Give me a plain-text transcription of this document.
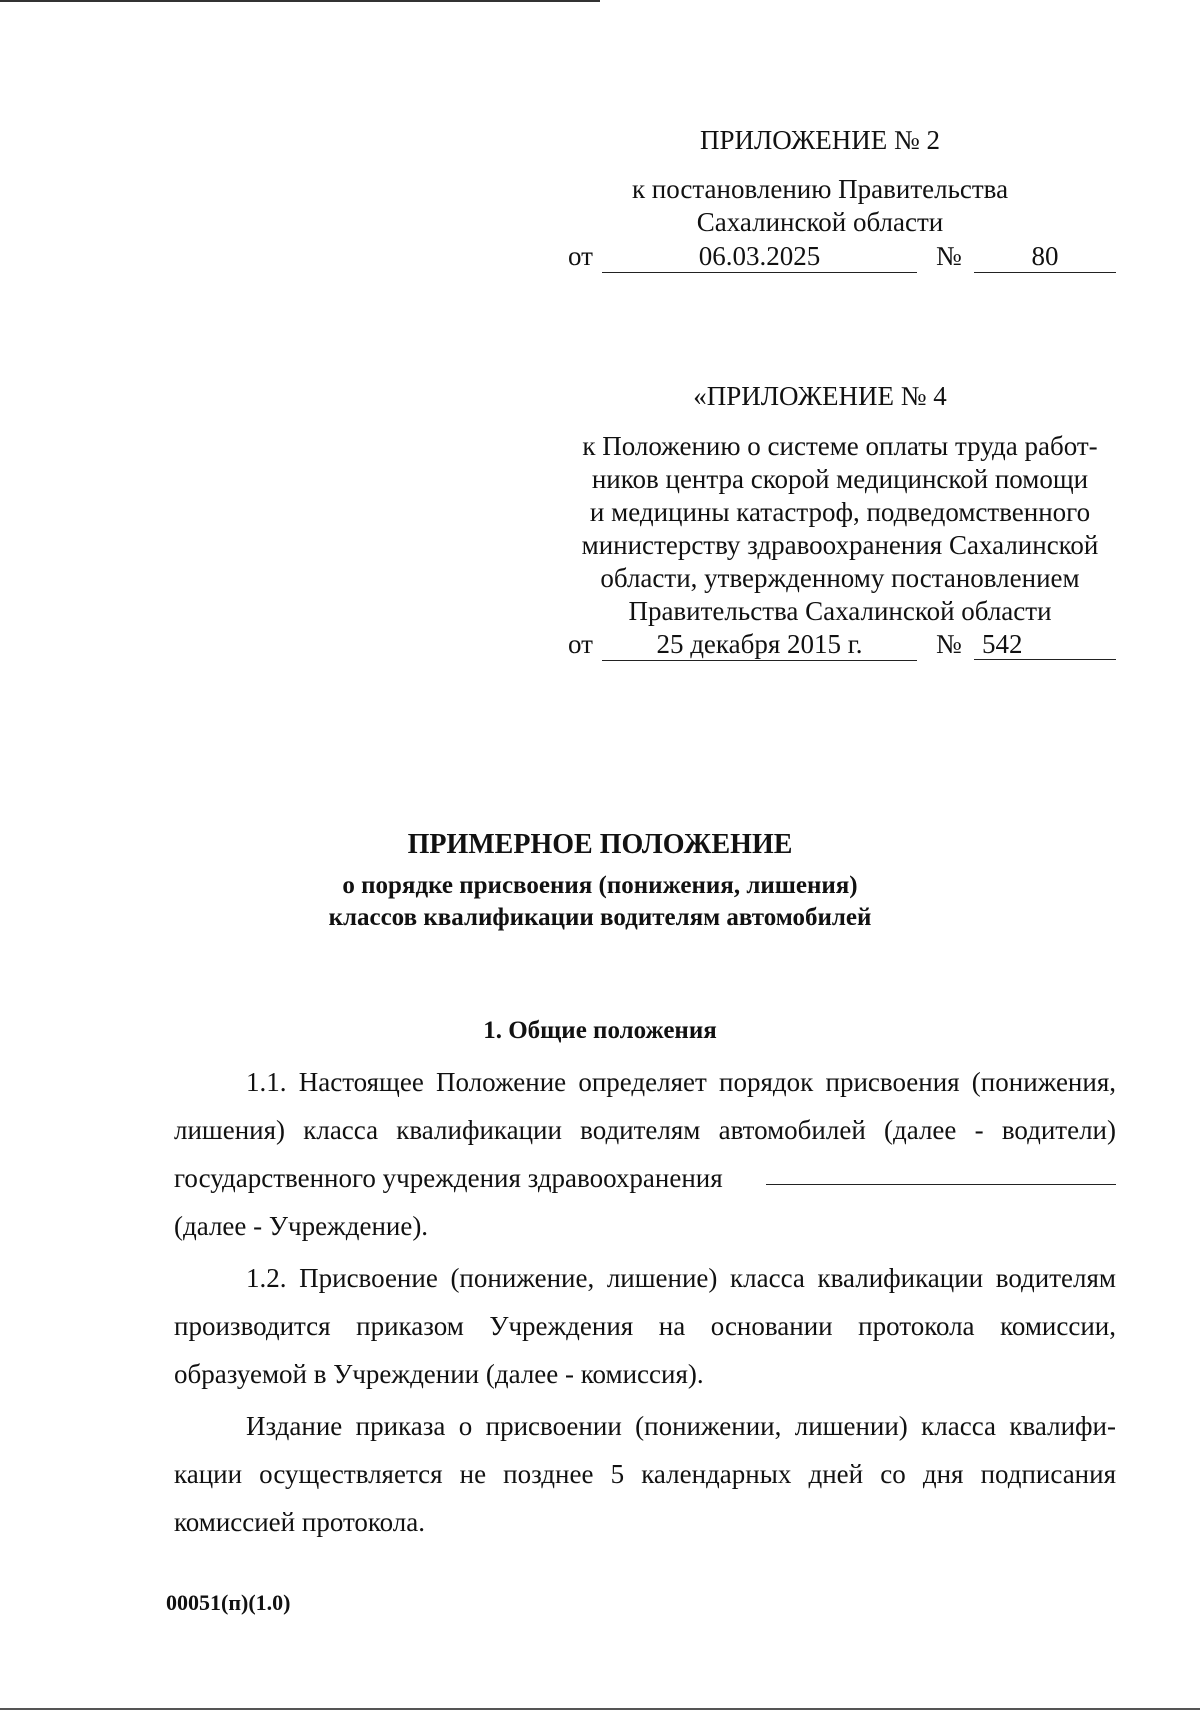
ПРИЛОЖЕНИЕ № 2
к постановлению Правительства
Сахалинской области
от	06.03.2025	№	80
«ПРИЛОЖЕНИЕ № 4
к Положению о системе оплаты труда работ-
ников центра скорой медицинской помощи
и медицины катастроф, подведомственного
министерству здравоохранения Сахалинской
области, утвержденному постановлением
Правительства Сахалинской области
от	25 декабря 2015 г.	№ 542
ПРИМЕРНОЕ ПОЛОЖЕНИЕ
о порядке присвоения (понижения, лишения)
классов квалификации водителям автомобилей
1. Общие положения
1.1. Настоящее Положение определяет порядок присвоения (понижения,
лишения) класса квалификации водителям автомобилей (далее - водители)
государственного учреждения здравоохранения
(далее - Учреждение).
1.2. Присвоение (понижение, лишение) класса квалификации водителям
производится приказом Учреждения на основании протокола комиссии,
образуемой в Учреждении (далее - комиссия).
Издание приказа о присвоении (понижении, лишении) класса квалифи-
кации осуществляется не позднее 5 календарных дней со дня подписания
комиссией протокола.
00051(п)(1.0)
